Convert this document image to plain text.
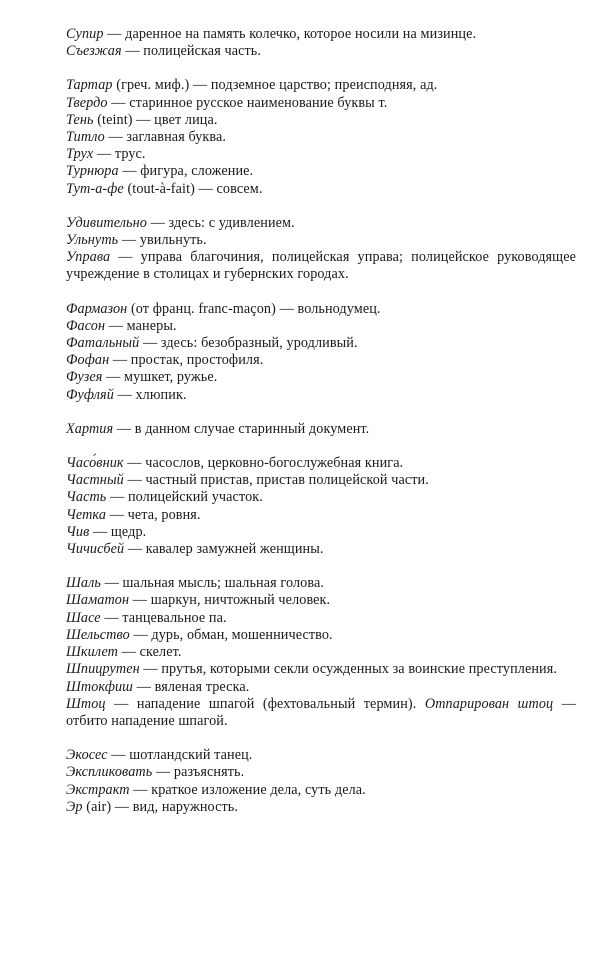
Супир — даренное на память колечко, которое носили на мизинце.

Съезжая — полицейская часть.

Тартар (греч. миф.) — подземное царство; преисподняя, ад.

Твердо — старинное русское наименование буквы т.

Тень (teint) — цвет лица.

Титло — заглавная буква.

Трух — трус.

Турнюра — фигура, сложение.

Тут-а-фе (tout-à-fait) — совсем.

Удивительно — здесь: с удивлением.

Ульнуть — увильнуть.

Управа — управа благочиния, полицейская управа; полицейское руководящее учреждение в столицах и губернских городах.

Фармазон (от франц. franc-maçon) — вольнодумец.

Фасон — манеры.

Фатальный — здесь: безобразный, уродливый.

Фофан — простак, простофиля.

Фузея — мушкет, ружье.

Фуфляй — хлюпик.

Хартия — в данном случае старинный документ.

Часо́вник — часослов, церковно-богослужебная книга.

Частный — частный пристав, пристав полицейской части.

Часть — полицейский участок.

Четка — чета, ровня.

Чив — щедр.

Чичисбей — кавалер замужней женщины.

Шаль — шальная мысль; шальная голова.

Шаматон — шаркун, ничтожный человек.

Шасе — танцевальное па.

Шельство — дурь, обман, мошенничество.

Шкилет — скелет.

Шпицрутен — прутья, которыми секли осужденных за воинские преступления.

Штокфиш — вяленая треска.

Штоц — нападение шпагой (фехтовальный термин). Отпарирован штоц — отбито нападение шпагой.

Экосес — шотландский танец.

Экспликовать — разъяснять.

Экстракт — краткое изложение дела, суть дела.

Эр (air) — вид, наружность.
